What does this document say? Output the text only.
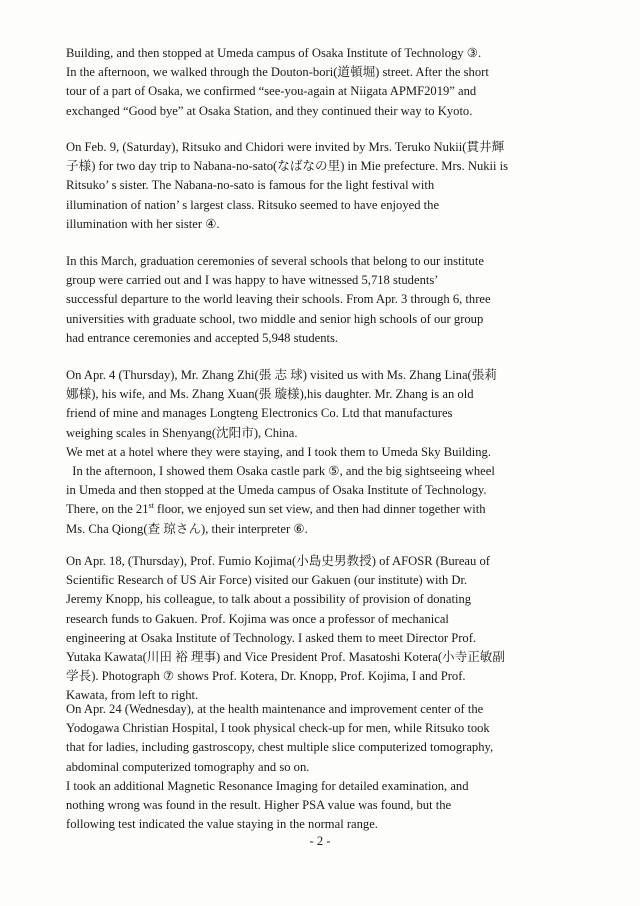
Building, and then stopped at Umeda campus of Osaka Institute of Technology ③.
In the afternoon, we walked through the Douton-bori(道頓堀) street. After the short
tour of a part of Osaka, we confirmed “see-you-again at Niigata APMF2019” and
exchanged “Good bye” at Osaka Station, and they continued their way to Kyoto.
On Feb. 9, (Saturday), Ritsuko and Chidori were invited by Mrs. Teruko Nukii(貫井輝
子様) for two day trip to Nabana-no-sato(なばなの里) in Mie prefecture. Mrs. Nukii is
Ritsuko’ s sister. The Nabana-no-sato is famous for the light festival with
illumination of nation’ s largest class. Ritsuko seemed to have enjoyed the
illumination with her sister ④.
In this March, graduation ceremonies of several schools that belong to our institute
group were carried out and I was happy to have witnessed 5,718 students’
successful departure to the world leaving their schools. From Apr. 3 through 6, three
universities with graduate school, two middle and senior high schools of our group
had entrance ceremonies and accepted 5,948 students.
On Apr. 4 (Thursday), Mr. Zhang Zhi(張 志 球) visited us with Ms. Zhang Lina(張莉
娜様), his wife, and Ms. Zhang Xuan(張 璇様),his daughter. Mr. Zhang is an old
friend of mine and manages Longteng Electronics Co. Ltd that manufactures
weighing scales in Shenyang(沈阳市), China.
We met at a hotel where they were staying, and I took them to Umeda Sky Building.
In the afternoon, I showed them Osaka castle park ⑤, and the big sightseeing wheel
in Umeda and then stopped at the Umeda campus of Osaka Institute of Technology.
There, on the 21st floor, we enjoyed sun set view, and then had dinner together with
Ms. Cha Qiong(查 琼さん), their interpreter ⑥.
On Apr. 18, (Thursday), Prof. Fumio Kojima(小島史男教授) of AFOSR (Bureau of
Scientific Research of US Air Force) visited our Gakuen (our institute) with Dr.
Jeremy Knopp, his colleague, to talk about a possibility of provision of donating
research funds to Gakuen. Prof. Kojima was once a professor of mechanical
engineering at Osaka Institute of Technology. I asked them to meet Director Prof.
Yutaka Kawata(川田 裕 理事) and Vice President Prof. Masatoshi Kotera(小寺正敏副
学長). Photograph ⑦ shows Prof. Kotera, Dr. Knopp, Prof. Kojima, I and Prof.
Kawata, from left to right.
On Apr. 24 (Wednesday), at the health maintenance and improvement center of the
Yodogawa Christian Hospital, I took physical check-up for men, while Ritsuko took
that for ladies, including gastroscopy, chest multiple slice computerized tomography,
abdominal computerized tomography and so on.
I took an additional Magnetic Resonance Imaging for detailed examination, and
nothing wrong was found in the result. Higher PSA value was found, but the
following test indicated the value staying in the normal range.
- 2 -
